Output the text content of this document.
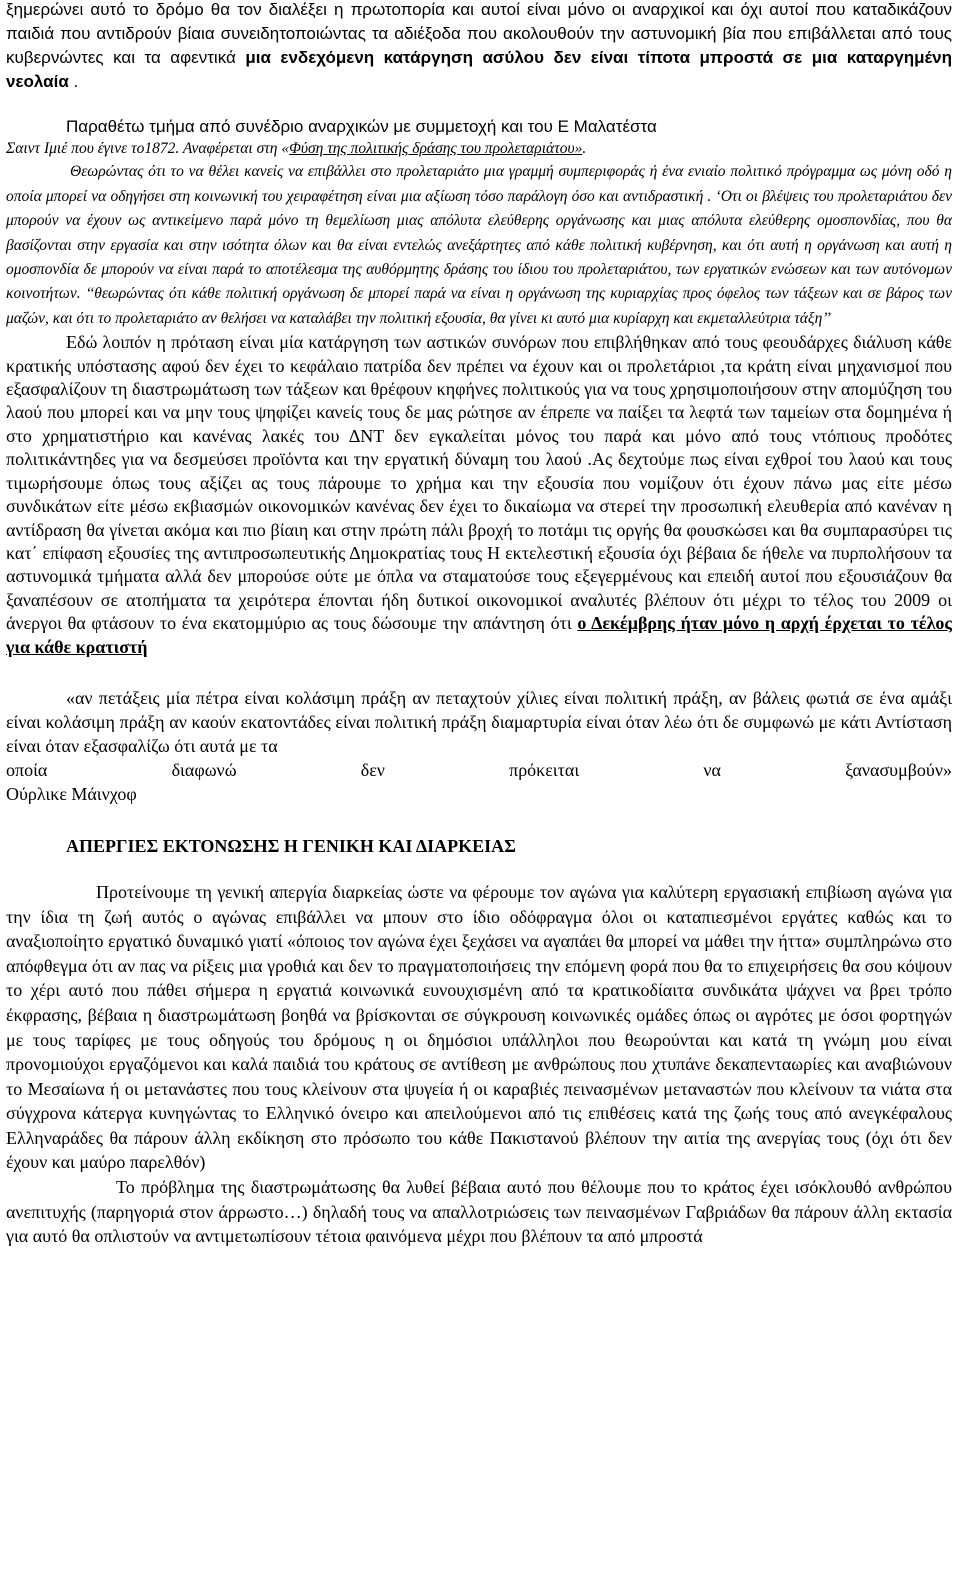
ξημερώνει αυτό το δρόμο θα τον διαλέξει η πρωτοπορία και αυτοί είναι μόνο οι αναρχικοί και όχι αυτοί που καταδικάζουν παιδιά που αντιδρούν βίαια συνειδητοποιώντας τα αδιέξοδα που ακολουθούν την αστυνομική βία που επιβάλλεται από τους κυβερνώντες και τα αφεντικά μια ενδεχόμενη κατάργηση ασύλου δεν είναι τίποτα μπροστά σε μια καταργημένη νεολαία .

Παραθέτω τμήμα από συνέδριο αναρχικών με συμμετοχή και του Ε Μαλατέστα

Σαιντ Ιμιέ που έγινε το1872. Αναφέρεται στη «Φύση της πολιτικής δράσης του προλεταριάτου».

Θεωρώντας ότι το να θέλει κανείς να επιβάλλει στο προλεταριάτο μια γραμμή συμπεριφοράς ή ένα ενιαίο πολιτικό πρόγραμμα ως μόνη οδό η οποία μπορεί να οδηγήσει στη κοινωνική του χειραφέτηση είναι μια αξίωση τόσο παράλογη όσο και αντιδραστική . ‘Οτι οι βλέψεις του προλεταριάτου δεν μπορούν να έχουν ως αντικείμενο παρά μόνο τη θεμελίωση μιας απόλυτα ελεύθερης οργάνωσης και μιας απόλυτα ελεύθερης ομοσπονδίας, που θα βασίζονται στην εργασία και στην ισότητα όλων και θα είναι εντελώς ανεξάρτητες από κάθε πολιτική κυβέρνηση, και ότι αυτή η οργάνωση και αυτή η ομοσπονδία δε μπορούν να είναι παρά το αποτέλεσμα της αυθόρμητης δράσης του ίδιου του προλεταριάτου, των εργατικών ενώσεων και των αυτόνομων κοινοτήτων. ‘‘θεωρώντας ότι κάθε πολιτική οργάνωση δε μπορεί παρά να είναι η οργάνωση της κυριαρχίας προς όφελος των τάξεων και σε βάρος των μαζών, και ότι το προλεταριάτο αν θελήσει να καταλάβει την πολιτική εξουσία, θα γίνει κι αυτό μια κυρίαρχη και εκμεταλλεύτρια τάξη’’

Εδώ λοιπόν η πρόταση είναι μία κατάργηση των αστικών συνόρων που επιβλήθηκαν από τους φεουδάρχες διάλυση κάθε κρατικής υπόστασης αφού δεν έχει το κεφάλαιο πατρίδα δεν πρέπει να έχουν και οι προλετάριοι ,τα κράτη είναι μηχανισμοί που εξασφαλίζουν τη διαστρωμάτωση των τάξεων και θρέφουν κηφήνες πολιτικούς για να τους χρησιμοποιήσουν στην απομύζηση του λαού που μπορεί και να μην τους ψηφίζει κανείς τους δε μας ρώτησε αν έπρεπε να παίξει τα λεφτά των ταμείων στα δομημένα ή στο χρηματιστήριο και κανένας λακές του ΔΝΤ δεν εγκαλείται μόνος του παρά και μόνο από τους ντόπιους προδότες πολιτικάντηδες για να δεσμεύσει προϊόντα και την εργατική δύναμη του λαού .Ας δεχτούμε πως είναι εχθροί του λαού και τους τιμωρήσουμε όπως τους αξίζει ας τους πάρουμε το χρήμα και την εξουσία που νομίζουν ότι έχουν πάνω μας είτε μέσω συνδικάτων είτε μέσω εκβιασμών οικονομικών κανένας δεν έχει το δικαίωμα να στερεί την προσωπική ελευθερία από κανέναν η αντίδραση θα γίνεται ακόμα και πιο βίαιη και στην πρώτη πάλι βροχή το ποτάμι τις οργής θα φουσκώσει και θα συμπαρασύρει τις κατ΄ επίφαση εξουσίες της αντιπροσωπευτικής Δημοκρατίας τους Η εκτελεστική εξουσία όχι βέβαια δε ήθελε να πυρπολήσουν τα αστυνομικά τμήματα αλλά δεν μπορούσε ούτε με όπλα να σταματούσε τους εξεγερμένους και επειδή αυτοί που εξουσιάζουν θα ξαναπέσουν σε ατοπήματα τα χειρότερα έπονται ήδη δυτικοί οικονομικοί αναλυτές βλέπουν ότι μέχρι το τέλος του 2009 οι άνεργοι θα φτάσουν το ένα εκατομμύριο ας τους δώσουμε την απάντηση ότι ο Δεκέμβρης ήταν μόνο η αρχή έρχεται το τέλος για κάθε κρατιστή

«αν πετάξεις μία πέτρα είναι κολάσιμη πράξη αν πεταχτούν χίλιες είναι πολιτική πράξη, αν βάλεις φωτιά σε ένα αμάξι είναι κολάσιμη πράξη αν καούν εκατοντάδες είναι πολιτική πράξη διαμαρτυρία είναι όταν λέω ότι δε συμφωνώ με κάτι Αντίσταση είναι όταν εξασφαλίζω ότι αυτά με τα

οποία	διαφωνώ	δεν	πρόκειται	να	ξανασυμβούν»

Ούρλικε Μάινχοφ

ΑΠΕΡΓΙΕΣ ΕΚΤΟΝΩΣΗΣ Η ΓΕΝΙΚΗ ΚΑΙ ΔΙΑΡΚΕΙΑΣ

Προτείνουμε τη γενική απεργία διαρκείας ώστε να φέρουμε τον αγώνα για καλύτερη εργασιακή επιβίωση αγώνα για την ίδια τη ζωή αυτός ο αγώνας επιβάλλει να μπουν στο ίδιο οδόφραγμα όλοι οι καταπιεσμένοι εργάτες καθώς και το αναξιοποίητο εργατικό δυναμικό γιατί «όποιος τον αγώνα έχει ξεχάσει να αγαπάει θα μπορεί να μάθει την ήττα» συμπληρώνω στο απόφθεγμα ότι αν πας να ρίξεις μια γροθιά και δεν το πραγματοποιήσεις την επόμενη φορά που θα το επιχειρήσεις θα σου κόψουν το χέρι αυτό που πάθει σήμερα η εργατιά κοινωνικά ευνουχισμένη από τα κρατικοδίαιτα συνδικάτα ψάχνει να βρει τρόπο έκφρασης, βέβαια η διαστρωμάτωση βοηθά να βρίσκονται σε σύγκρουση κοινωνικές ομάδες όπως οι αγρότες με όσοι φορτηγών με τους ταρίφες με τους οδηγούς του δρόμους η οι δημόσιοι υπάλληλοι που θεωρούνται και κατά τη γνώμη μου είναι προνομιούχοι εργαζόμενοι και καλά παιδιά του κράτους σε αντίθεση με ανθρώπους που χτυπάνε δεκαπενταωρίες και αναβιώνουν το Μεσαίωνα ή οι μετανάστες που τους κλείνουν στα ψυγεία ή οι καραβιές πεινασμένων μεταναστών που κλείνουν τα νιάτα στα σύγχρονα κάτεργα κυνηγώντας το Ελληνικό όνειρο και απειλούμενοι από τις επιθέσεις κατά της ζωής τους από ανεγκέφαλους Ελληναράδες θα πάρουν άλλη εκδίκηση στο πρόσωπο του κάθε Πακιστανού βλέπουν την αιτία της ανεργίας τους (όχι ότι δεν έχουν και μαύρο παρελθόν)

Το πρόβλημα της διαστρωμάτωσης θα λυθεί βέβαια αυτό που θέλουμε που το κράτος έχει ισόκλουθό ανθρώπου ανεπιτυχής (παρηγοριά στον άρρωστο…) δηλαδή τους να απαλλοτριώσεις των πεινασμένων Γαβριάδων θα πάρουν άλλη εκτασία για αυτό θα οπλιστούν να αντιμετωπίσουν τέτοια φαινόμενα μέχρι που βλέπουν τα από μπροστά
